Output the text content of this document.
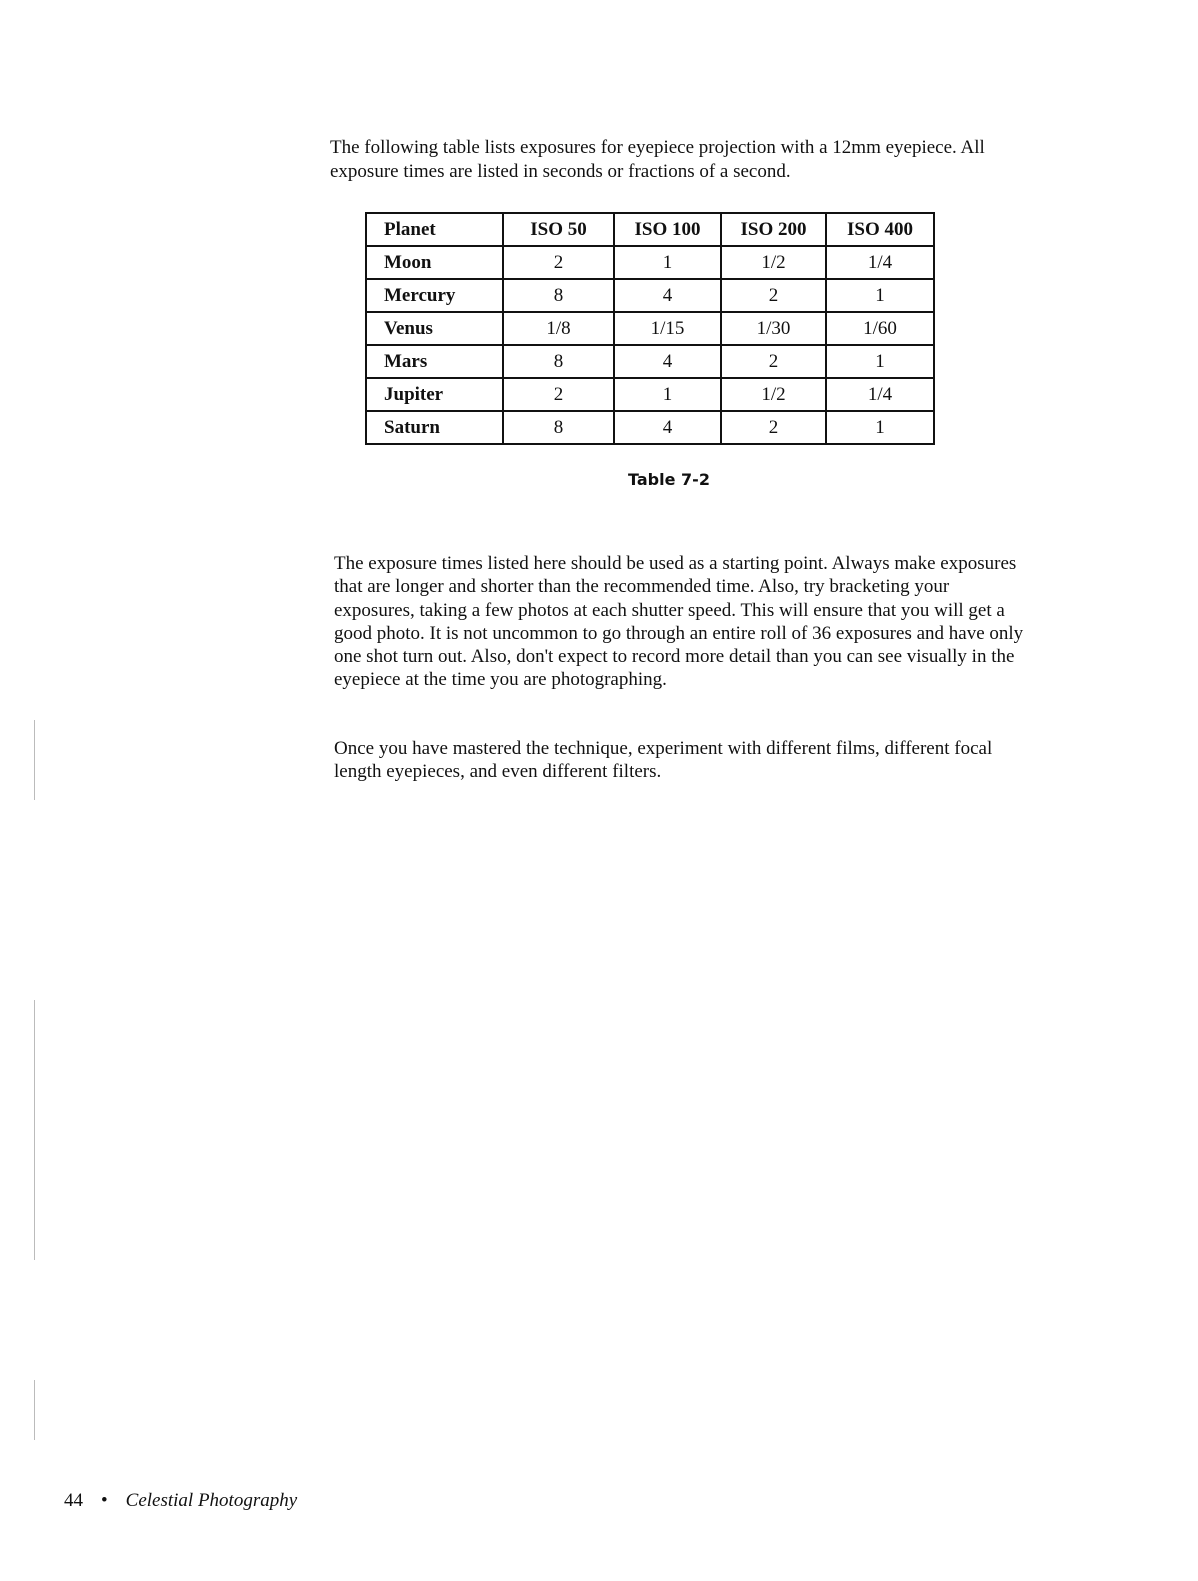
The following table lists exposures for eyepiece projection with a 12mm eyepiece. All exposure times are listed in seconds or fractions of a second.

Planet	ISO 50	ISO 100	ISO 200	ISO 400
Moon	2	1	1/2	1/4
Mercury	8	4	2	1
Venus	1/8	1/15	1/30	1/60
Mars	8	4	2	1
Jupiter	2	1	1/2	1/4
Saturn	8	4	2	1
Table 7-2

The exposure times listed here should be used as a starting point. Always make exposures that are longer and shorter than the recommended time. Also, try bracketing your exposures, taking a few photos at each shutter speed. This will ensure that you will get a good photo. It is not uncommon to go through an entire roll of 36 exposures and have only one shot turn out. Also, don't expect to record more detail than you can see visually in the eyepiece at the time you are photographing.

Once you have mastered the technique, experiment with different films, different focal length eyepieces, and even different filters.

44 • Celestial Photography
